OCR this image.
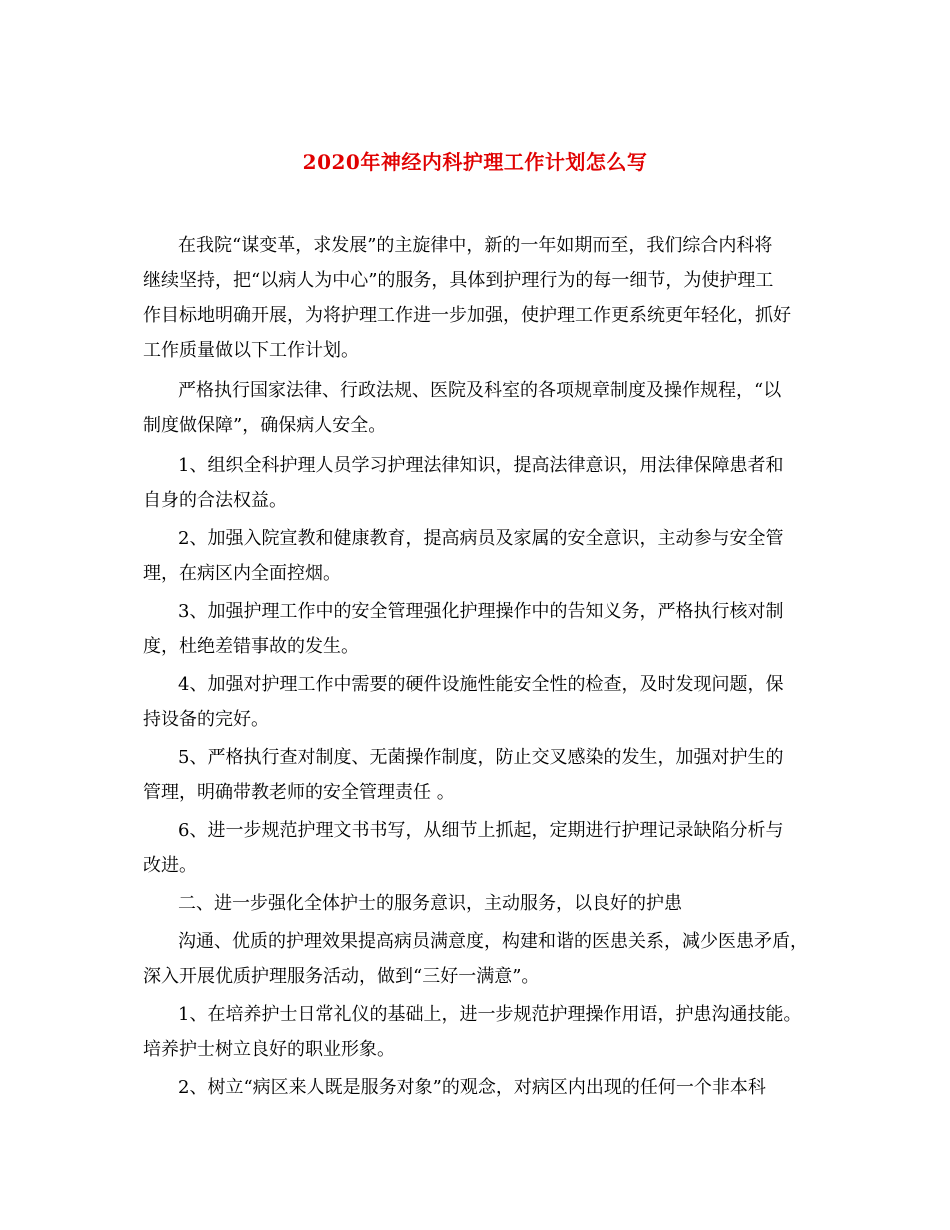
2020年神经内科护理工作计划怎么写
在我院“谋变革，求发展”的主旋律中，新的一年如期而至，我们综合内科将
继续坚持，把“以病人为中心”的服务，具体到护理行为的每一细节，为使护理工
作目标地明确开展，为将护理工作进一步加强，使护理工作更系统更年轻化，抓好
工作质量做以下工作计划。
严格执行国家法律、行政法规、医院及科室的各项规章制度及操作规程，“以
制度做保障”，确保病人安全。
1、组织全科护理人员学习护理法律知识，提高法律意识，用法律保障患者和
自身的合法权益。
2、加强入院宣教和健康教育，提高病员及家属的安全意识，主动参与安全管
理，在病区内全面控烟。
3、加强护理工作中的安全管理强化护理操作中的告知义务，严格执行核对制
度，杜绝差错事故的发生。
4、加强对护理工作中需要的硬件设施性能安全性的检查，及时发现问题，保
持设备的完好。
5、严格执行查对制度、无菌操作制度，防止交叉感染的发生，加强对护生的
管理，明确带教老师的安全管理责任 。
6、进一步规范护理文书书写，从细节上抓起，定期进行护理记录缺陷分析与
改进。
二、进一步强化全体护士的服务意识，主动服务，以良好的护患
沟通、优质的护理效果提高病员满意度，构建和谐的医患关系，减少医患矛盾，
深入开展优质护理服务活动，做到“三好一满意”。
1、在培养护士日常礼仪的基础上，进一步规范护理操作用语，护患沟通技能。
培养护士树立良好的职业形象。
2、树立“病区来人既是服务对象”的观念，对病区内出现的任何一个非本科
